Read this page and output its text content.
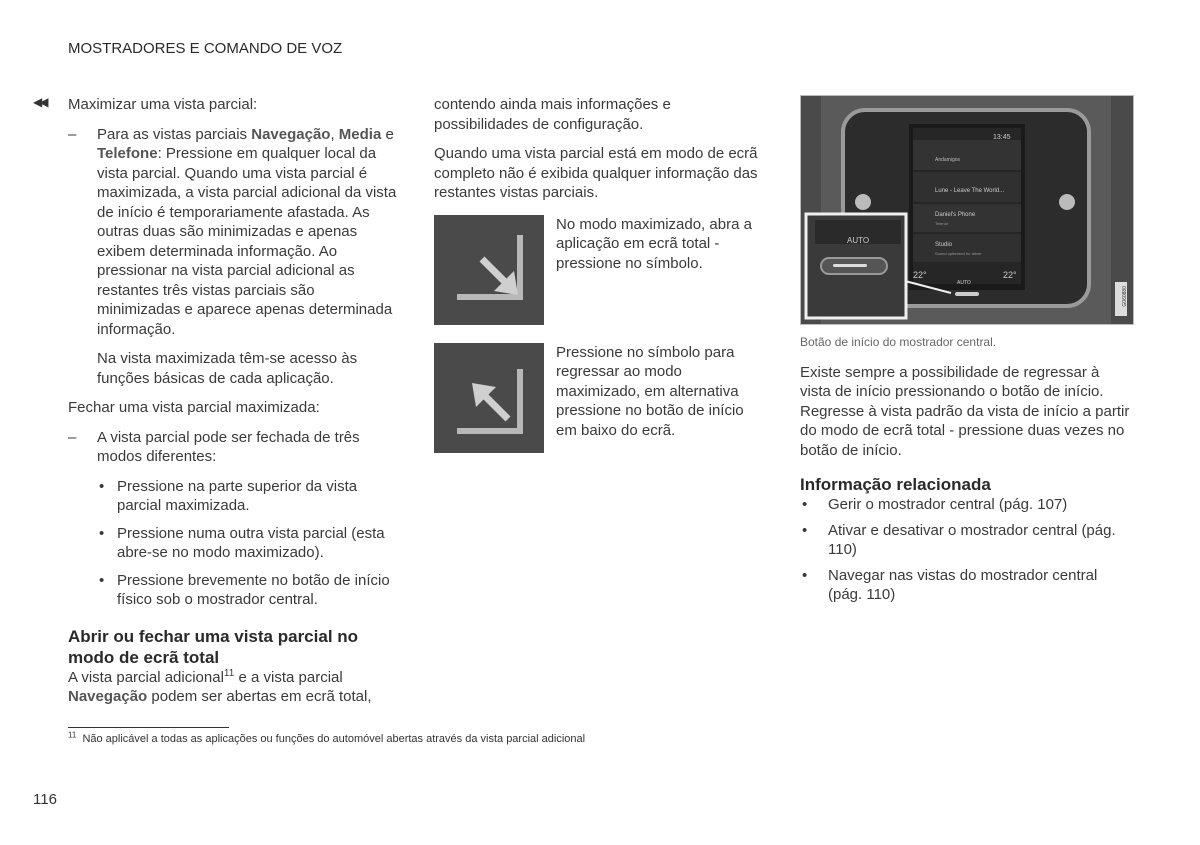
MOSTRADORES E COMANDO DE VOZ
◀◀ Maximizar uma vista parcial:

– Para as vistas parciais Navegação, Media e Telefone: Pressione em qualquer local da vista parcial. Quando uma vista parcial é maximizada, a vista parcial adicional da vista de início é temporariamente afastada. As outras duas são minimizadas e apenas exibem determinada informação. Ao pressionar na vista parcial adicional as restantes três vistas parciais são minimizadas e aparece apenas determinada informação.

Na vista maximizada têm-se acesso às funções básicas de cada aplicação.

Fechar uma vista parcial maximizada:

– A vista parcial pode ser fechada de três modos diferentes:
• Pressione na parte superior da vista parcial maximizada.
• Pressione numa outra vista parcial (esta abre-se no modo maximizado).
• Pressione brevemente no botão de início físico sob o mostrador central.
Abrir ou fechar uma vista parcial no modo de ecrã total

A vista parcial adicional$^{11}$ e a vista parcial Navegação podem ser abertas em ecrã total,

contendo ainda mais informações e possibilidades de configuração.

Quando uma vista parcial está em modo de ecrã completo não é exibida qualquer informação das restantes vistas parciais.

No modo maximizado, abra a aplicação em ecrã total - pressione no símbolo.
Pressione no símbolo para regressar ao modo maximizado, em alternativa pressione no botão de início em baixo do ecrã.
13:45
Andamigos
Lune - Leave The World...
Daniel's Phone
Telenor
Studio
Sound optimized for driver
22°	22°
AUTO
AUTO
G060880
Botão de início do mostrador central.

Existe sempre a possibilidade de regressar à vista de início pressionando o botão de início. Regresse à vista padrão da vista de início a partir do modo de ecrã total - pressione duas vezes no botão de início.

Informação relacionada
• Gerir o mostrador central (pág. 107)
• Ativar e desativar o mostrador central (pág. 110)
• Navegar nas vistas do mostrador central (pág. 110)
$^{11}$ Não aplicável a todas as aplicações ou funções do automóvel abertas através da vista parcial adicional
116
